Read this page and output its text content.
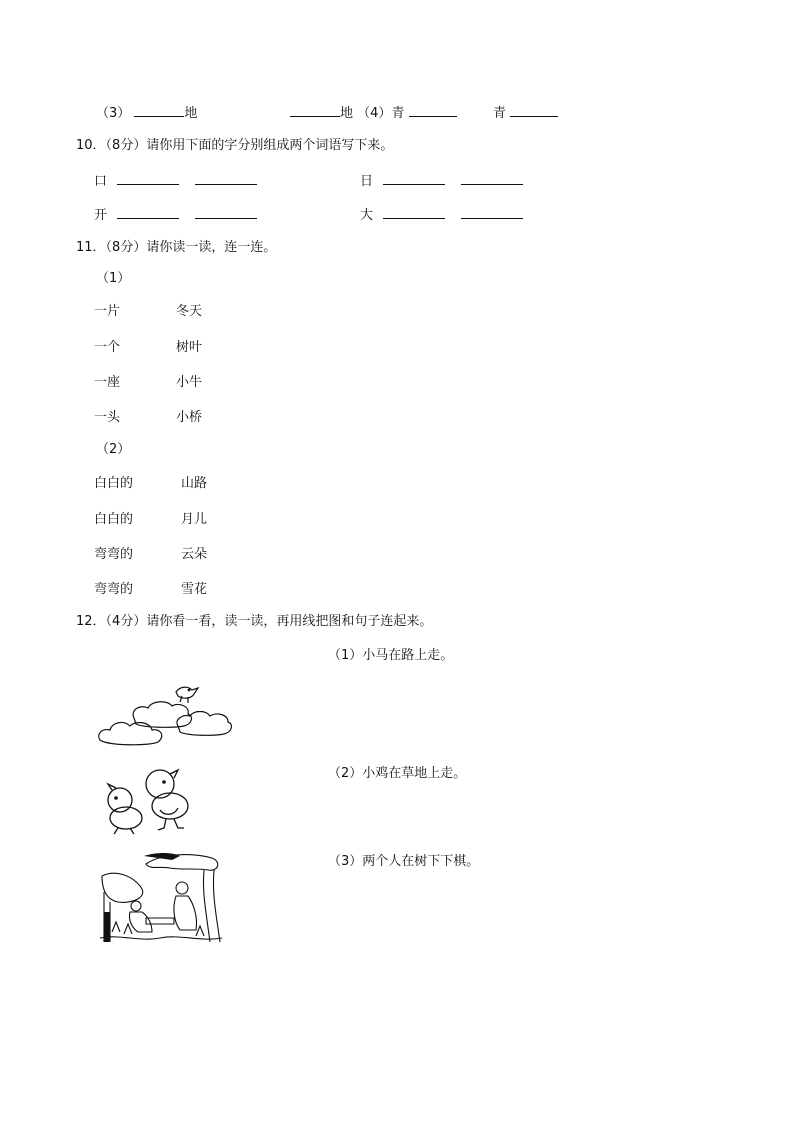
（3）	地	地 （4）青	青
10．（8分）请你用下面的字分别组成两个词语写下来。
口	日
开	大
11．（8分）请你读一读，连一连。
（1）
一片	冬天
一个	树叶
一座	小牛
一头	小桥
（2）
白白的	山路
白白的	月儿
弯弯的	云朵
弯弯的	雪花
12．（4分）请你看一看，读一读，再用线把图和句子连起来。
（1）小马在路上走。
（2）小鸡在草地上走。
（3）两个人在树下下棋。
